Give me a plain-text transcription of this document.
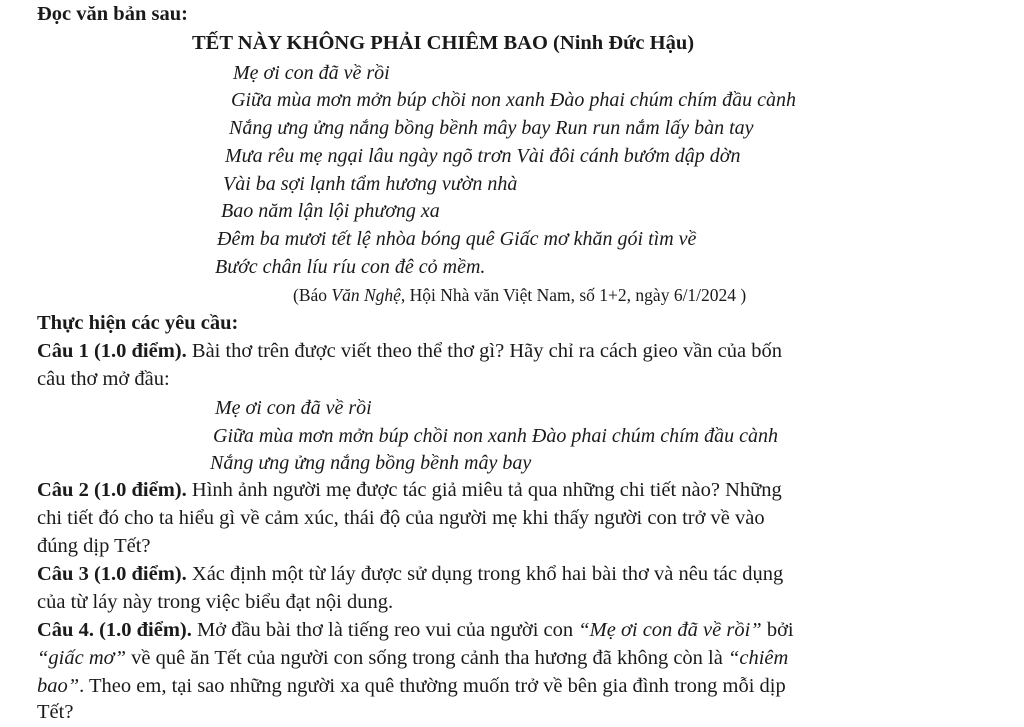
Đọc văn bản sau:
TẾT NÀY KHÔNG PHẢI CHIÊM BAO (Ninh Đức Hậu)
Mẹ ơi con đã về rồi
Giữa mùa mơn mởn búp chồi non xanh Đào phai chúm chím đầu cành
Nắng ưng ửng nắng bồng bềnh mây bay Run run nắm lấy bàn tay
Mưa rêu mẹ ngại lâu ngày ngõ trơn Vài đôi cánh bướm dập dờn
Vài ba sợi lạnh tẩm hương vườn nhà
Bao năm lận lội phương xa
Đêm ba mươi tết lệ nhòa bóng quê Giấc mơ khăn gói tìm về
Bước chân líu ríu con đê cỏ mềm.
(Báo Văn Nghệ, Hội Nhà văn Việt Nam, số 1+2, ngày 6/1/2024 )
Thực hiện các yêu cầu:
Câu 1 (1.0 điểm). Bài thơ trên được viết theo thể thơ gì? Hãy chỉ ra cách gieo vần của bốn
câu thơ mở đầu:
Mẹ ơi con đã về rồi
Giữa mùa mơn mởn búp chồi non xanh Đào phai chúm chím đầu cành
Nắng ưng ửng nắng bồng bềnh mây bay
Câu 2 (1.0 điểm). Hình ảnh người mẹ được tác giả miêu tả qua những chi tiết nào? Những
chi tiết đó cho ta hiểu gì về cảm xúc, thái độ của người mẹ khi thấy người con trở về vào
đúng dịp Tết?
Câu 3 (1.0 điểm). Xác định một từ láy được sử dụng trong khổ hai bài thơ và nêu tác dụng
của từ láy này trong việc biểu đạt nội dung.
Câu 4. (1.0 điểm). Mở đầu bài thơ là tiếng reo vui của người con “Mẹ ơi con đã về rồi” bởi
“giấc mơ” về quê ăn Tết của người con sống trong cảnh tha hương đã không còn là “chiêm
bao”. Theo em, tại sao những người xa quê thường muốn trở về bên gia đình trong mỗi dịp
Tết?
